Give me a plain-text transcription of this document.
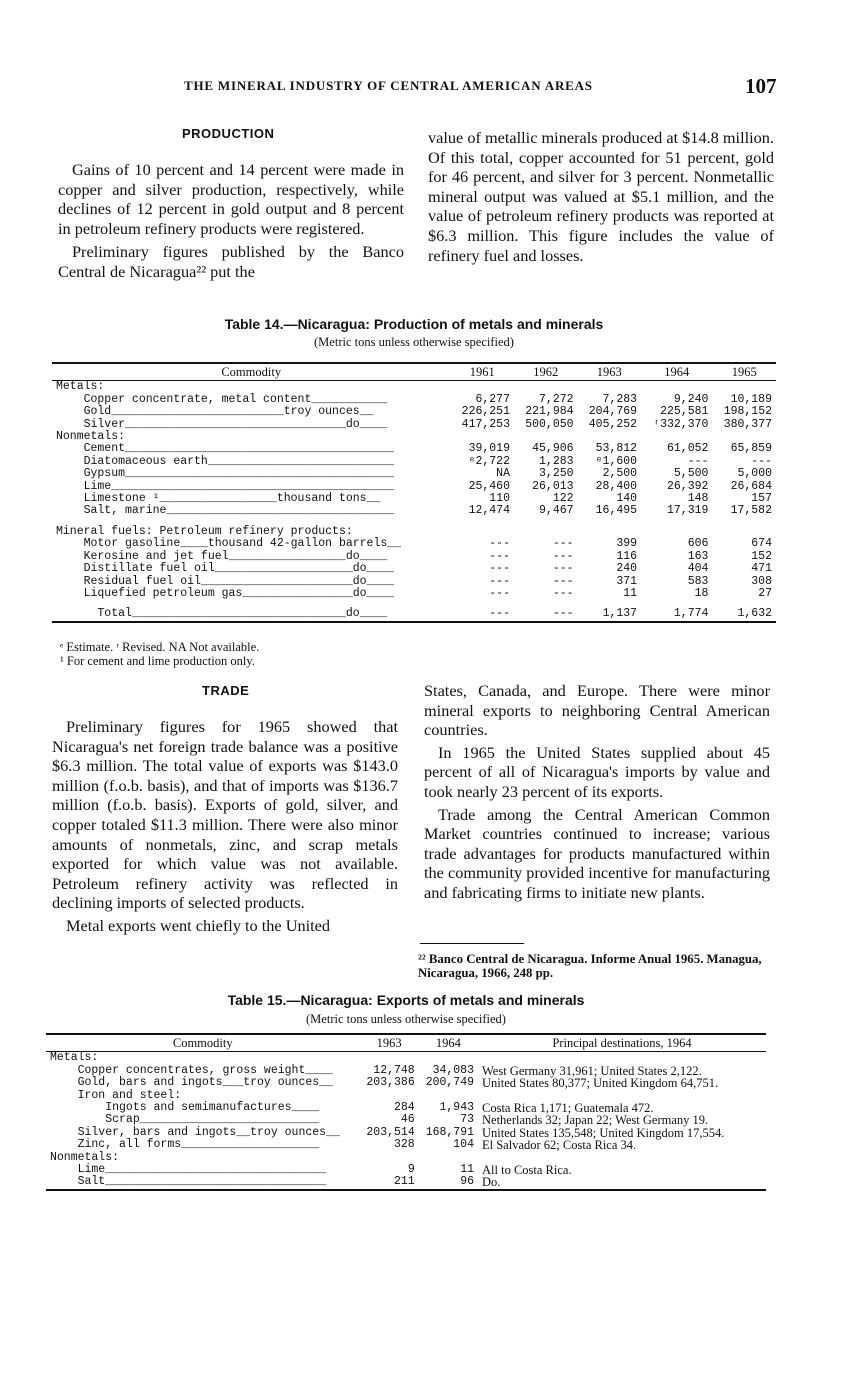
THE MINERAL INDUSTRY OF CENTRAL AMERICAN AREAS	107
PRODUCTION

Gains of 10 percent and 14 percent were made in copper and silver production, respectively, while declines of 12 percent in gold output and 8 percent in petroleum refinery products were registered.

Preliminary figures published by the Banco Central de Nicaragua²² put the

value of metallic minerals produced at $14.8 million. Of this total, copper accounted for 51 percent, gold for 46 percent, and silver for 3 percent. Nonmetallic mineral output was valued at $5.1 million, and the value of petroleum refinery products was reported at $6.3 million. This figure includes the value of refinery fuel and losses.

Table 14.—Nicaragua: Production of metals and minerals
(Metric tons unless otherwise specified)
Commodity	1961	1962	1963	1964	1965
Metals:					
Copper concentrate, metal content___________	6,277	7,272	7,283	9,240	10,189
Gold_________________________troy ounces__	226,251	221,984	204,769	225,581	198,152
Silver________________________________do____	417,253	500,050	405,252	ʳ332,370	380,377
Nonmetals:					
Cement_______________________________________	39,019	45,906	53,812	61,052	65,859
Diatomaceous earth___________________________	ᵉ2,722	1,283	ᵉ1,600	---	---
Gypsum_______________________________________	NA	3,250	2,500	5,500	5,000
Lime_________________________________________	25,460	26,013	28,400	26,392	26,684
Limestone ¹_________________thousand tons__	110	122	140	148	157
Salt, marine_________________________________	12,474	9,467	16,495	17,319	17,582

Mineral fuels: Petroleum refinery products:					
Motor gasoline____thousand 42-gallon barrels__	---	---	399	606	674
Kerosine and jet fuel_________________do____	---	---	116	163	152
Distillate fuel oil____________________do____	---	---	240	404	471
Residual fuel oil______________________do____	---	---	371	583	308
Liquefied petroleum gas________________do____	---	---	11	18	27

Total_______________________________do____	---	---	1,137	1,774	1,632
ᵉ Estimate. ʳ Revised. NA Not available.
¹ For cement and lime production only.
TRADE

Preliminary figures for 1965 showed that Nicaragua's net foreign trade balance was a positive $6.3 million. The total value of exports was $143.0 million (f.o.b. basis), and that of imports was $136.7 million (f.o.b. basis). Exports of gold, silver, and copper totaled $11.3 million. There were also minor amounts of nonmetals, zinc, and scrap metals exported for which value was not available. Petroleum refinery activity was reflected in declining imports of selected products.

Metal exports went chiefly to the United

States, Canada, and Europe. There were minor mineral exports to neighboring Central American countries.

In 1965 the United States supplied about 45 percent of all of Nicaragua's imports by value and took nearly 23 percent of its exports.

Trade among the Central American Common Market countries continued to increase; various trade advantages for products manufactured within the community provided incentive for manufacturing and fabricating firms to initiate new plants.

²² Banco Central de Nicaragua. Informe Anual 1965. Managua, Nicaragua, 1966, 248 pp.
Table 15.—Nicaragua: Exports of metals and minerals
(Metric tons unless otherwise specified)
Commodity	1963	1964	Principal destinations, 1964
Metals:			
Copper concentrates, gross weight____	12,748	34,083	West Germany 31,961; United States 2,122.
Gold, bars and ingots___troy ounces__	203,386	200,749	United States 80,377; United Kingdom 64,751.
Iron and steel:			
Ingots and semimanufactures____	284	1,943	Costa Rica 1,171; Guatemala 472.
Scrap__________________________	46	73	Netherlands 32; Japan 22; West Germany 19.
Silver, bars and ingots__troy ounces__	203,514	168,791	United States 135,548; United Kingdom 17,554.
Zinc, all forms____________________	328	104	El Salvador 62; Costa Rica 34.
Nonmetals:			
Lime________________________________	9	11	All to Costa Rica.
Salt________________________________	211	96	Do.
